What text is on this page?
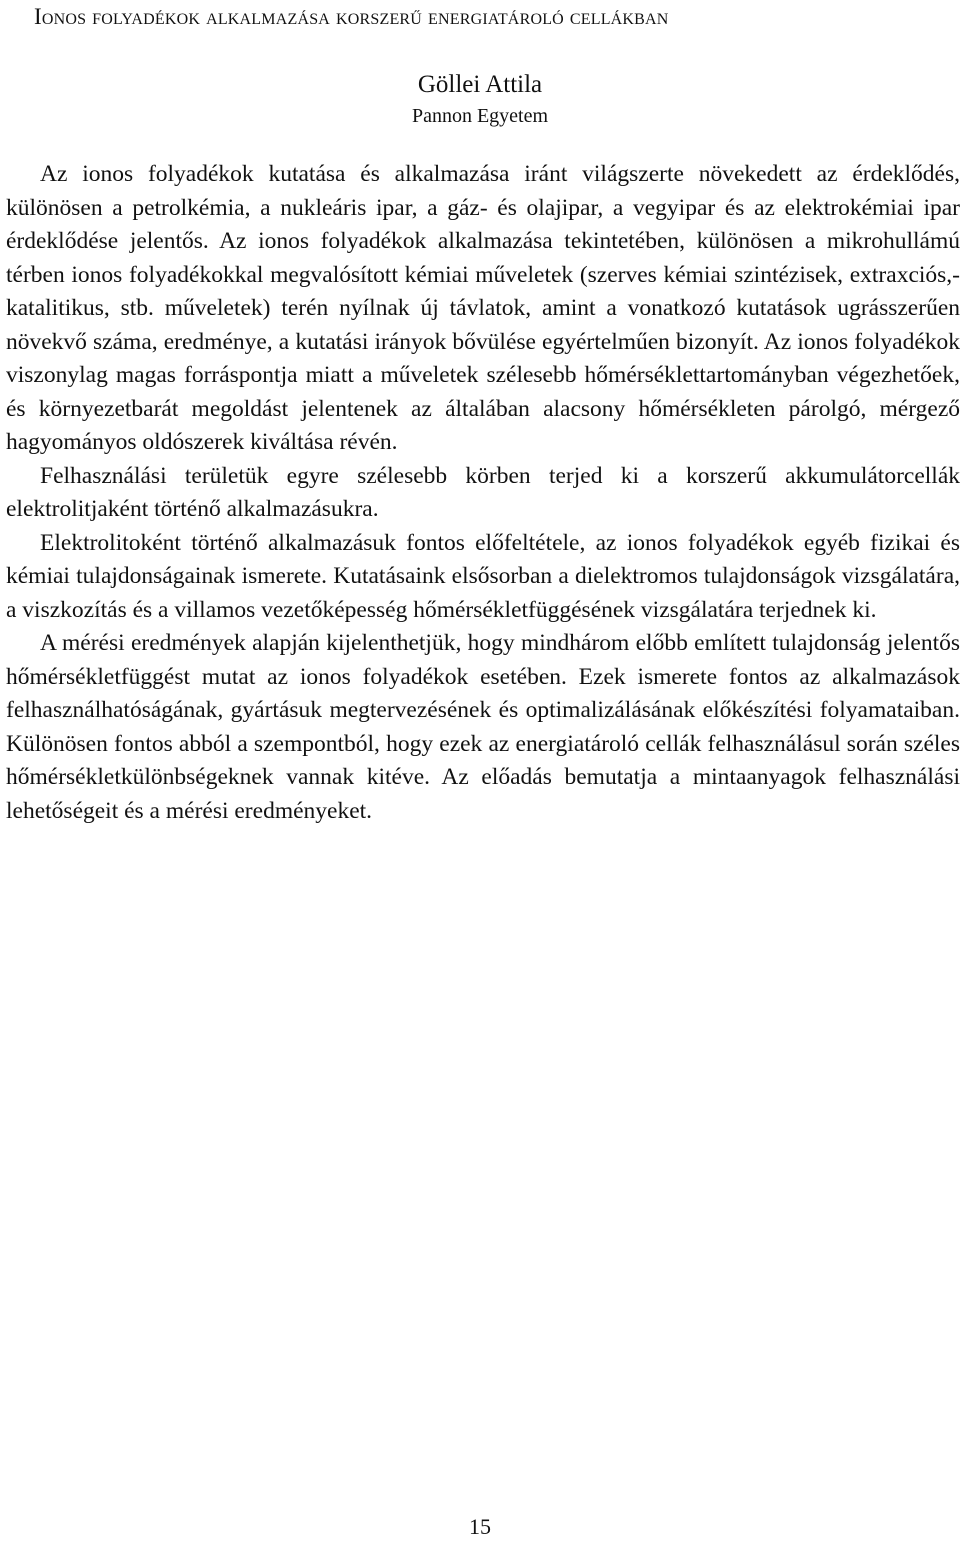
Ionos folyadékok alkalmazása korszerű energiatároló cellákban
Göllei Attila
Pannon Egyetem

Az ionos folyadékok kutatása és alkalmazása iránt világszerte növekedett az érdeklődés, különösen a petrolkémia, a nukleáris ipar, a gáz- és olajipar, a vegyipar és az elektrokémiai ipar érdeklődése jelentős. Az ionos folyadékok alkalmazása tekintetében, különösen a mikrohullámú térben ionos folyadékokkal megvalósított kémiai műveletek (szerves kémiai szintézisek, extraxciós,- katalitikus, stb. műveletek) terén nyílnak új távlatok, amint a vonatkozó kutatások ugrásszerűen növekvő száma, eredménye, a kutatási irányok bővülése egyértelműen bizonyít. Az ionos folyadékok viszonylag magas forráspontja miatt a műveletek szélesebb hőmérséklettartományban végezhetőek, és környezetbarát megoldást jelentenek az általában alacsony hőmérsékleten párolgó, mérgező hagyományos oldószerek kiváltása révén.

Felhasználási területük egyre szélesebb körben terjed ki a korszerű akkumulátorcellák elektrolitjaként történő alkalmazásukra.

Elektrolitoként történő alkalmazásuk fontos előfeltétele, az ionos folyadékok egyéb fizikai és kémiai tulajdonságainak ismerete. Kutatásaink elsősorban a dielektromos tulajdonságok vizsgálatára, a viszkozítás és a villamos vezetőképesség hőmérsékletfüggésének vizsgálatára terjednek ki.

A mérési eredmények alapján kijelenthetjük, hogy mindhárom előbb említett tulajdonság jelentős hőmérsékletfüggést mutat az ionos folyadékok esetében. Ezek ismerete fontos az alkalmazások felhasználhatóságának, gyártásuk megtervezésének és optimalizálásának előkészítési folyamataiban. Különösen fontos abból a szempontból, hogy ezek az energiatároló cellák felhasználásul során széles hőmérsékletkülönbségeknek vannak kitéve. Az előadás bemutatja a mintaanyagok felhasználási lehetőségeit és a mérési eredményeket.

15
